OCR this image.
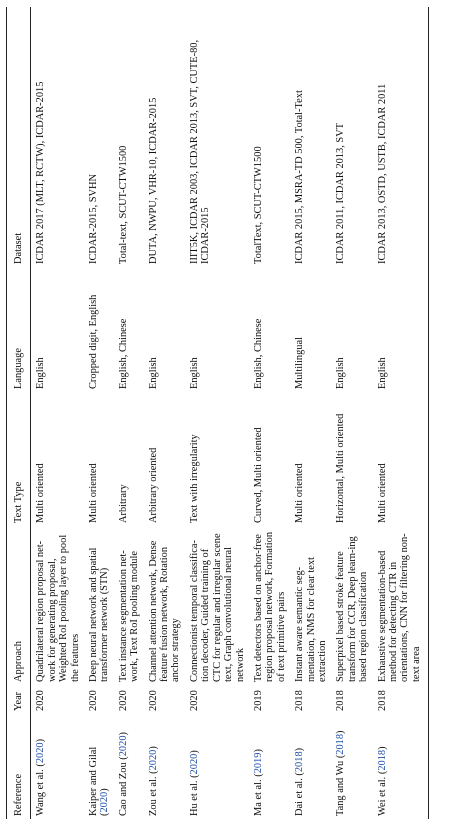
Reference	Year	Approach	Text Type	Language	Dataset
Wang et al. (2020)	2020	Quadrilateral region proposal net-work for generating proposal, Weighted RoI pooling layer to pool the features	Multi oriented	English	ICDAR 2017 (MLT, RCTW), ICDAR-2015
Kaiper and Gilal (2020)	2020	Deep neural network and spatial transformer network (STN)	Multi oriented	Cropped digit, English	ICDAR-2015, SVHN
Cao and Zou (2020)	2020	Text instance segmentation net-work, Text RoI pooling module	Arbitrary	English, Chinese	Total-text, SCUT-CTW1500
Zou et al. (2020)	2020	Channel attention network, Dense feature fusion network, Rotation anchor strategy	Arbitrary oriented	English	DUTA, NWPU, VHR-10, ICDAR-2015
Hu et al. (2020)	2020	Connectionist temporal classifica-tion decoder, Guided training of CTC for regular and irregular scene text, Graph convolutional neural network	Text with irregularity	English	IIIT5K, ICDAR 2003, ICDAR 2013, SVT, CUTE-80, ICDAR-2015
Ma et al. (2019)	2019	Text detectors based on anchor-free region proposal network, Formation of text primitive pairs	Curved, Multi oriented	English, Chinese	TotalText, SCUT-CTW1500
Dai et al. (2018)	2018	Instant aware semantic seg-mentation, NMS for clear text extraction	Multi oriented	Multilingual	ICDAR 2015, MSRA-TD 500, Total-Text
Tang and Wu (2018)	2018	Superpixel based stroke feature transform for CCR, Deep learn-ing based region classification	Horizontal, Multi oriented	English	ICDAR 2011, ICDAR 2013, SVT
Wei et al. (2018)	2018	Exhaustive segmentation-based method for detecting CTR in orientations, CNN for filtering non-text area	Multi oriented	English	ICDAR 2013, OSTD, USTB, ICDAR 2011
